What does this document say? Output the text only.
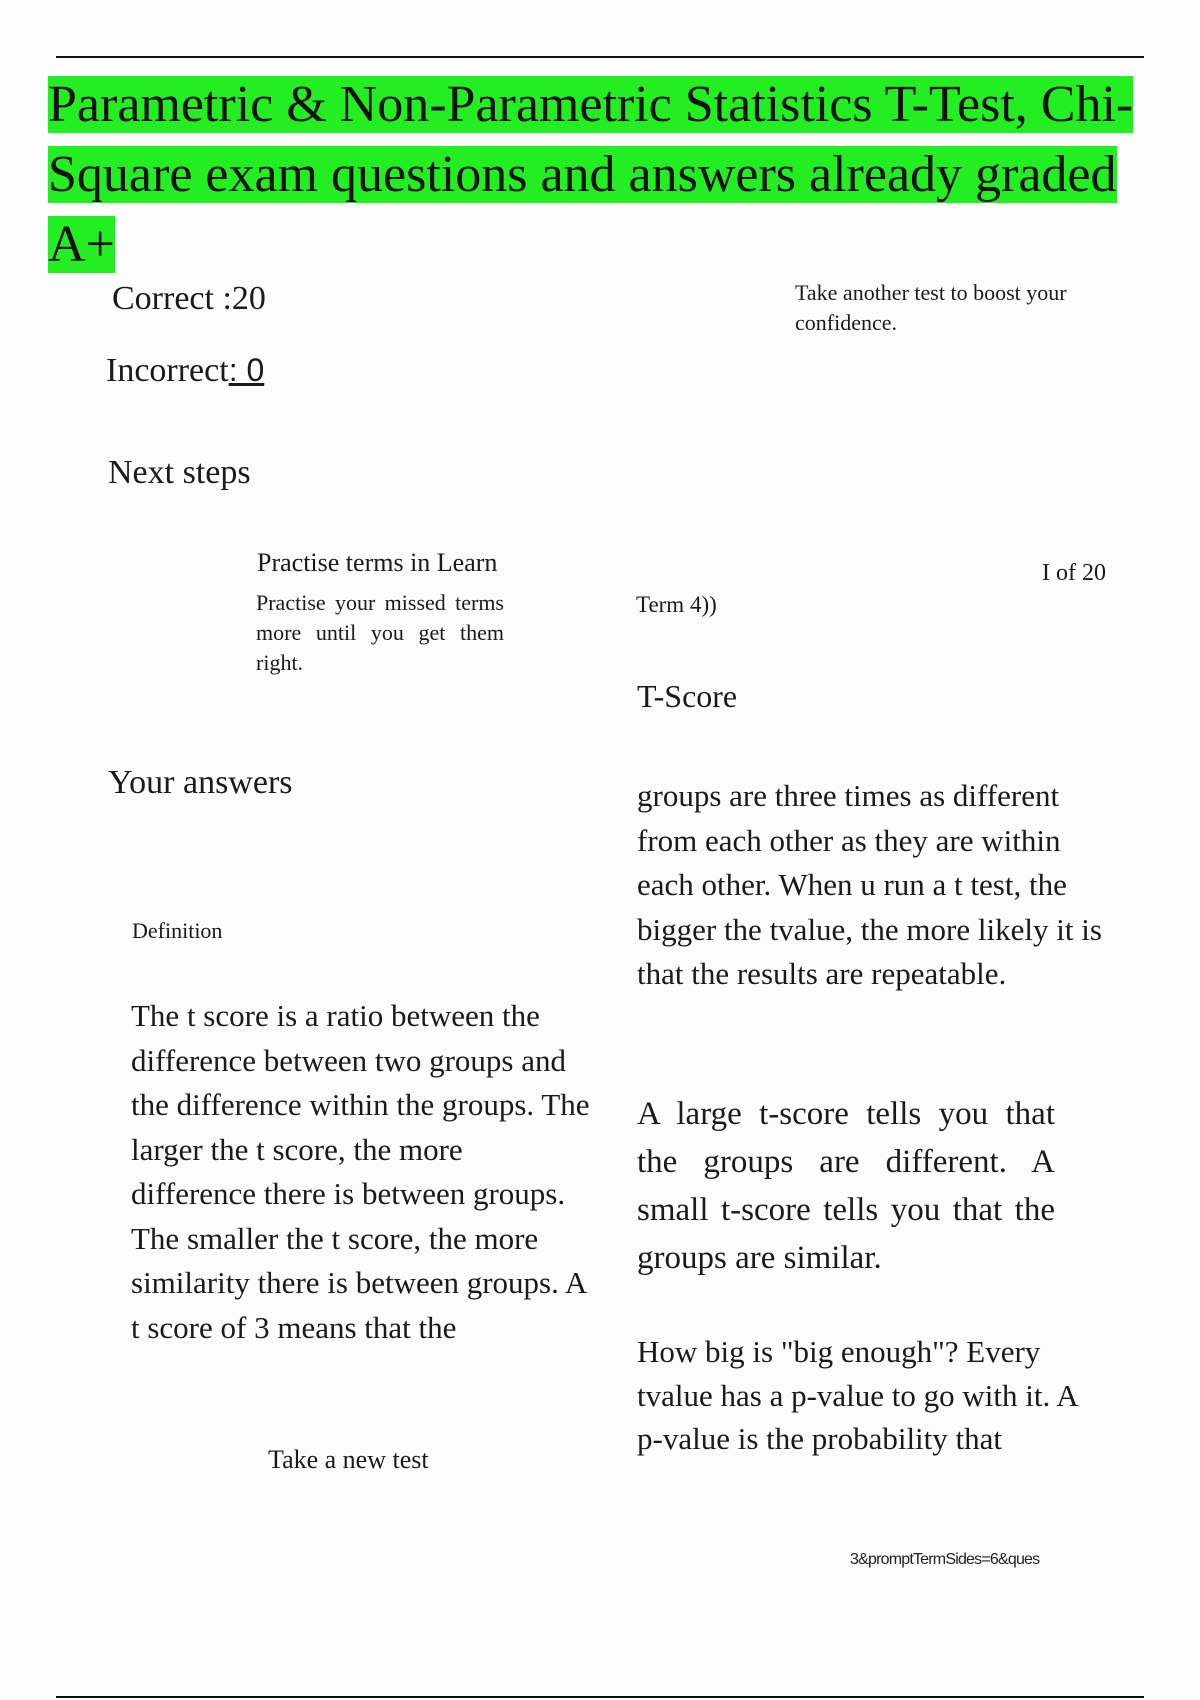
Parametric & Non-Parametric Statistics T-Test, Chi-Square exam questions and answers already graded A+
Correct :20
Incorrect: 0
Take another test to boost your confidence.
Next steps
Practise terms in Learn
Practise your missed terms more until you get them right.
Your answers
Definition
The t score is a ratio between the difference between two groups and the difference within the groups. The larger the t score, the more difference there is between groups. The smaller the t score, the more similarity there is between groups. A t score of 3 means that the
Take a new test
I of 20
Term 4))
T-Score
groups are three times as different from each other as they are within each other. When u run a t test, the bigger the tvalue, the more likely it is that the results are repeatable.
A large t-score tells you that the groups are different. A small t-score tells you that the groups are similar.
How big is "big enough"? Every tvalue has a p-value to go with it. A p-value is the probability that
3&promptTermSides=6&ques
